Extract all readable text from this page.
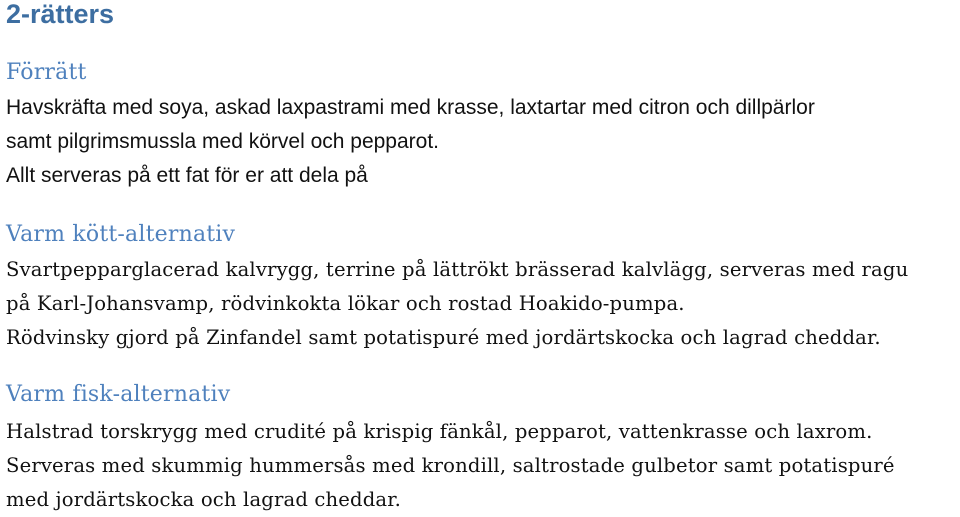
2-rätters
Förrätt

Havskräfta med soya, askad laxpastrami med krasse, laxtartar med citron och dillpärlor

samt pilgrimsmussla med körvel och pepparot.

Allt serveras på ett fat för er att dela på

Varm kött-alternativ

Svartpepparglacerad kalvrygg, terrine på lättrökt brässerad kalvlägg, serveras med ragu

på Karl-Johansvamp, rödvinkokta lökar och rostad Hoakido-pumpa.

Rödvinsky gjord på Zinfandel samt potatispuré med jordärtskocka och lagrad cheddar.

Varm fisk-alternativ

Halstrad torskrygg med crudité på krispig fänkål, pepparot, vattenkrasse och laxrom.

Serveras med skummig hummersås med krondill, saltrostade gulbetor samt potatispuré

med jordärtskocka och lagrad cheddar.
